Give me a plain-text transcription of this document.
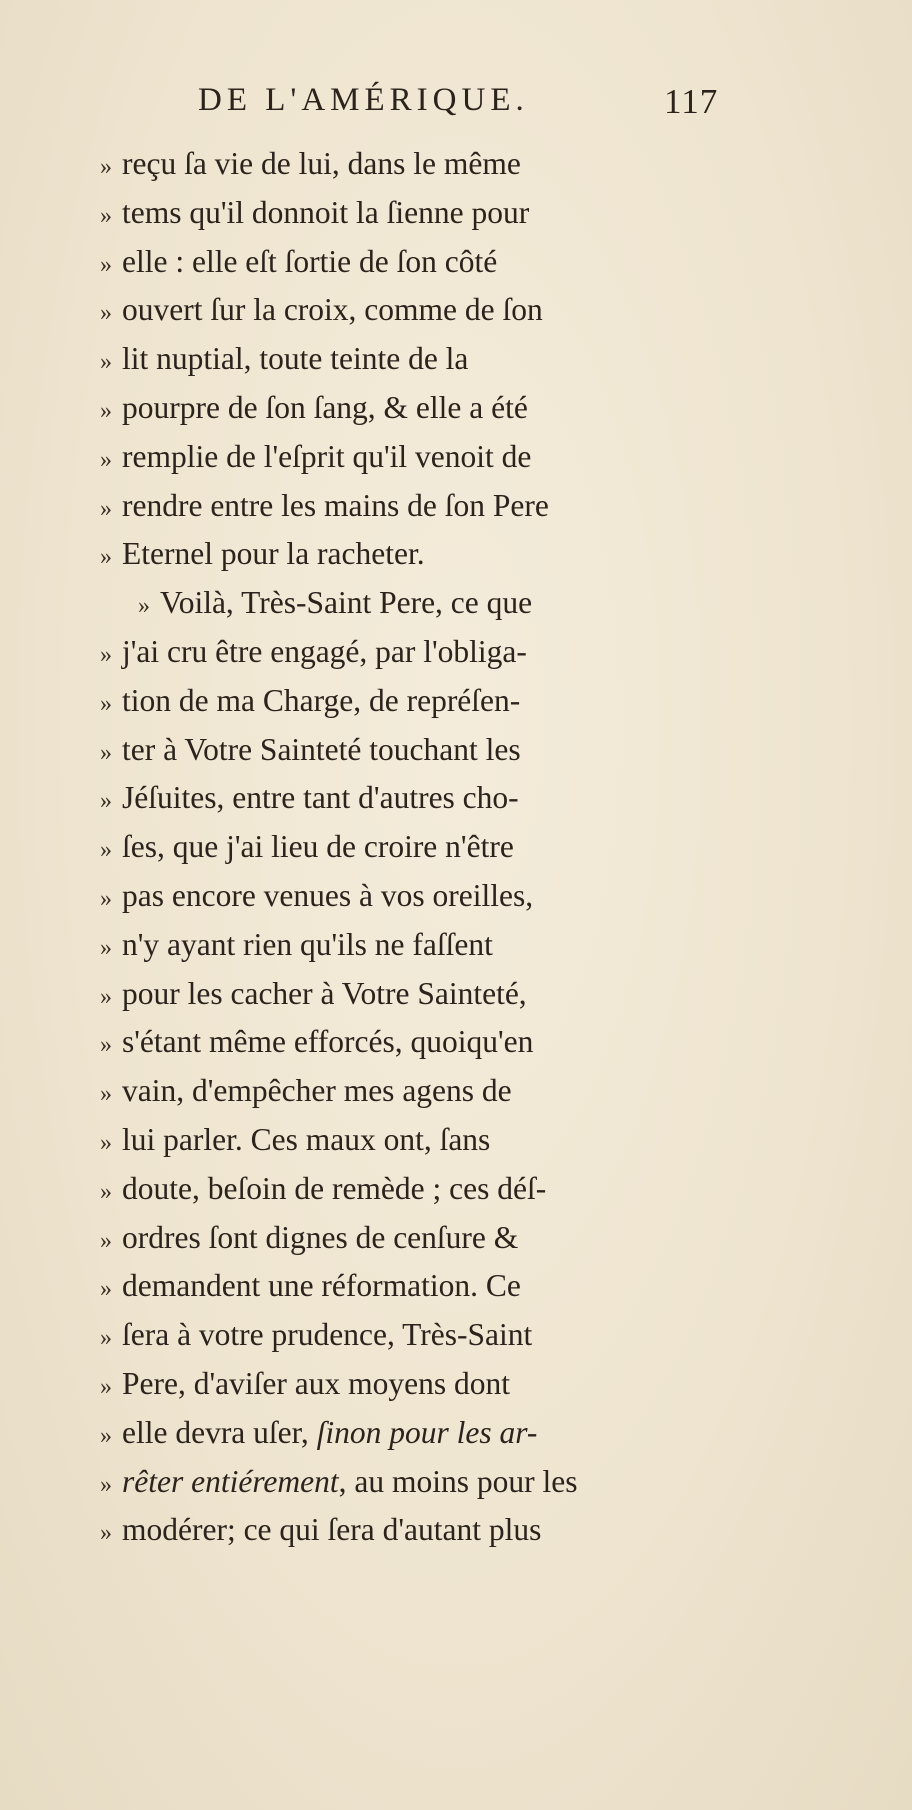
DE L'AMÉRIQUE.	117
» reçu ſa vie de lui, dans le même
» tems qu'il donnoit la ſienne pour
» elle : elle eſt ſortie de ſon côté
» ouvert ſur la croix, comme de ſon
» lit nuptial, toute teinte de la
» pourpre de ſon ſang, & elle a été
» remplie de l'eſprit qu'il venoit de
» rendre entre les mains de ſon Pere
» Eternel pour la racheter.
» Voilà, Très-Saint Pere, ce que
» j'ai cru être engagé, par l'obliga-
» tion de ma Charge, de repréſen-
» ter à Votre Sainteté touchant les
» Jéſuites, entre tant d'autres cho-
» ſes, que j'ai lieu de croire n'être
» pas encore venues à vos oreilles,
» n'y ayant rien qu'ils ne faſſent
» pour les cacher à Votre Sainteté,
» s'étant même efforcés, quoiqu'en
» vain, d'empêcher mes agens de
» lui parler. Ces maux ont, ſans
» doute, beſoin de remède ; ces déſ-
» ordres ſont dignes de cenſure &
» demandent une réformation. Ce
» ſera à votre prudence, Très-Saint
» Pere, d'aviſer aux moyens dont
» elle devra uſer, ſinon pour les ar-
» rêter entiérement, au moins pour les
» modérer; ce qui ſera d'autant plus
